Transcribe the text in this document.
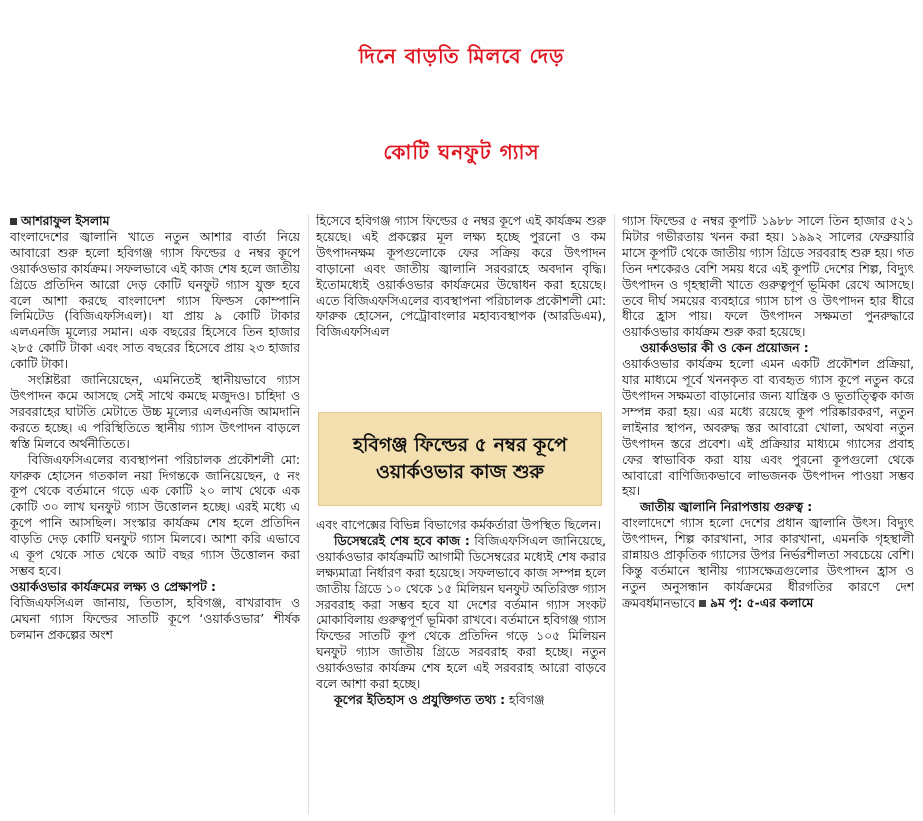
দিনে বাড়তি মিলবে দেড়
কোটি ঘনফুট গ্যাস
আশরাফুল ইসলাম

বাংলাদেশের জ্বালানি খাতে নতুন আশার বার্তা নিয়ে আবারো শুরু হলো হবিগঞ্জ গ্যাস ফিল্ডের ৫ নম্বর কূপে ওয়ার্কওভার কার্যক্রম। সফলভাবে এই কাজ শেষ হলে জাতীয় গ্রিডে প্রতিদিন আরো দেড় কোটি ঘনফুট গ্যাস যুক্ত হবে বলে আশা করছে বাংলাদেশ গ্যাস ফিল্ডস কোম্পানি লিমিটেড (বিজিএফসিএল)। যা প্রায় ৯ কোটি টাকার এলএনজি মূল্যের সমান। এক বছরের হিসেবে তিন হাজার ২৮৫ কোটি টাকা এবং সাত বছরের হিসেবে প্রায় ২৩ হাজার কোটি টাকা।

সংশ্লিষ্টরা জানিয়েছেন, এমনিতেই স্থানীয়ভাবে গ্যাস উৎপাদন কমে আসছে সেই সাথে কমছে মজুদও। চাহিদা ও সরবরাহের ঘাটতি মেটাতে উচ্চ মূল্যের এলএনজি আমদানি করতে হচ্ছে। এ পরিস্থিতিতে স্থানীয় গ্যাস উৎপাদন বাড়লে স্বস্তি মিলবে অর্থনীতিতে।

বিজিএফসিএলের ব্যবস্থাপনা পরিচালক প্রকৌশলী মো: ফারুক হোসেন গতকাল নয়া দিগন্তকে জানিয়েছেন, ৫ নং কূপ থেকে বর্তমানে গড়ে এক কোটি ২০ লাখ থেকে এক কোটি ৩০ লাখ ঘনফুট গ্যাস উত্তোলন হচ্ছে। এরই মধ্যে এ কূপে পানি আসছিল। সংস্কার কার্যক্রম শেষ হলে প্রতিদিন বাড়তি দেড় কোটি ঘনফুট গ্যাস মিলবে। আশা করি এভাবে এ কূপ থেকে সাত থেকে আট বছর গ্যাস উত্তোলন করা সম্ভব হবে।

ওয়ার্কওভার কার্যক্রমের লক্ষ্য ও প্রেক্ষাপট :

বিজিএফসিএল জানায়, তিতাস, হবিগঞ্জ, বাখরাবাদ ও মেঘনা গ্যাস ফিল্ডের সাতটি কূপে ‘ওয়ার্কওভার’ শীর্ষক চলমান প্রকল্পের অংশ

হিসেবে হবিগঞ্জ গ্যাস ফিল্ডের ৫ নম্বর কূপে এই কার্যক্রম শুরু হয়েছে। এই প্রকল্পের মূল লক্ষ্য হচ্ছে পুরনো ও কম উৎপাদনক্ষম কূপগুলোকে ফের সক্রিয় করে উৎপাদন বাড়ানো এবং জাতীয় জ্বালানি সরবরাহে অবদান বৃদ্ধি। ইতোমধ্যেই ওয়ার্কওভার কার্যক্রমের উদ্বোধন করা হয়েছে। এতে বিজিএফসিএলের ব্যবস্থাপনা পরিচালক প্রকৌশলী মো: ফারুক হোসেন, পেট্রোবাংলার মহাব্যবস্থাপক (আরডিএম), বিজিএফসিএল

এবং বাপেক্সের বিভিন্ন বিভাগের কর্মকর্তারা উপস্থিত ছিলেন।

ডিসেম্বরেই শেষ হবে কাজ : বিজিএফসিএল জানিয়েছে, ওয়ার্কওভার কার্যক্রমটি আগামী ডিসেম্বরের মধ্যেই শেষ করার লক্ষ্যমাত্রা নির্ধারণ করা হয়েছে। সফলভাবে কাজ সম্পন্ন হলে জাতীয় গ্রিডে ১০ থেকে ১৫ মিলিয়ন ঘনফুট অতিরিক্ত গ্যাস সরবরাহ করা সম্ভব হবে যা দেশের বর্তমান গ্যাস সংকট মোকাবিলায় গুরুত্বপূর্ণ ভূমিকা রাখবে। বর্তমানে হবিগঞ্জ গ্যাস ফিল্ডের সাতটি কূপ থেকে প্রতিদিন গড়ে ১০৫ মিলিয়ন ঘনফুট গ্যাস জাতীয় গ্রিডে সরবরাহ করা হচ্ছে। নতুন ওয়ার্কওভার কার্যক্রম শেষ হলে এই সরবরাহ আরো বাড়বে বলে আশা করা হচ্ছে।

কূপের ইতিহাস ও প্রযুক্তিগত তথ্য : হবিগঞ্জ

হবিগঞ্জ ফিল্ডের ৫ নম্বর কূপে
ওয়ার্কওভার কাজ শুরু

গ্যাস ফিল্ডের ৫ নম্বর কূপটি ১৯৮৮ সালে তিন হাজার ৫২১ মিটার গভীরতায় খনন করা হয়। ১৯৯২ সালের ফেব্রুয়ারি মাসে কূপটি থেকে জাতীয় গ্যাস গ্রিডে সরবরাহ শুরু হয়। গত তিন দশকেরও বেশি সময় ধরে এই কূপটি দেশের শিল্প, বিদ্যুৎ উৎপাদন ও গৃহস্থালী খাতে গুরুত্বপূর্ণ ভূমিকা রেখে আসছে। তবে দীর্ঘ সময়ের ব্যবহারে গ্যাস চাপ ও উৎপাদন হার ধীরে ধীরে হ্রাস পায়। ফলে উৎপাদন সক্ষমতা পুনরুদ্ধারে ওয়ার্কওভার কার্যক্রম শুরু করা হয়েছে।

ওয়ার্কওভার কী ও কেন প্রয়োজন :

ওয়ার্কওভার কার্যক্রম হলো এমন একটি প্রকৌশল প্রক্রিয়া, যার মাধ্যমে পূর্বে খননকৃত বা ব্যবহৃত গ্যাস কূপে নতুন করে উৎপাদন সক্ষমতা বাড়ানোর জন্য যান্ত্রিক ও ভূতাত্ত্বিক কাজ সম্পন্ন করা হয়। এর মধ্যে রয়েছে কূপ পরিষ্কারকরণ, নতুন লাইনার স্থাপন, অবরুদ্ধ স্তর আবারো খোলা, অথবা নতুন উৎপাদন স্তরে প্রবেশ। এই প্রক্রিয়ার মাধ্যমে গ্যাসের প্রবাহ ফের স্বাভাবিক করা যায় এবং পুরনো কূপগুলো থেকে আবারো বাণিজ্যিকভাবে লাভজনক উৎপাদন পাওয়া সম্ভব হয়।

জাতীয় জ্বালানি নিরাপত্তায় গুরুত্ব :

বাংলাদেশে গ্যাস হলো দেশের প্রধান জ্বালানি উৎস। বিদ্যুৎ উৎপাদন, শিল্প কারখানা, সার কারখানা, এমনকি গৃহস্থালী রান্নায়ও প্রাকৃতিক গ্যাসের উপর নির্ভরশীলতা সবচেয়ে বেশি। কিন্তু বর্তমানে স্থানীয় গ্যাসক্ষেত্রগুলোর উৎপাদন হ্রাস ও নতুন অনুসন্ধান কার্যক্রমের ধীরগতির কারণে দেশ ক্রমবর্ধমানভাবে ৯ম পৃ: ৫-এর কলামে
